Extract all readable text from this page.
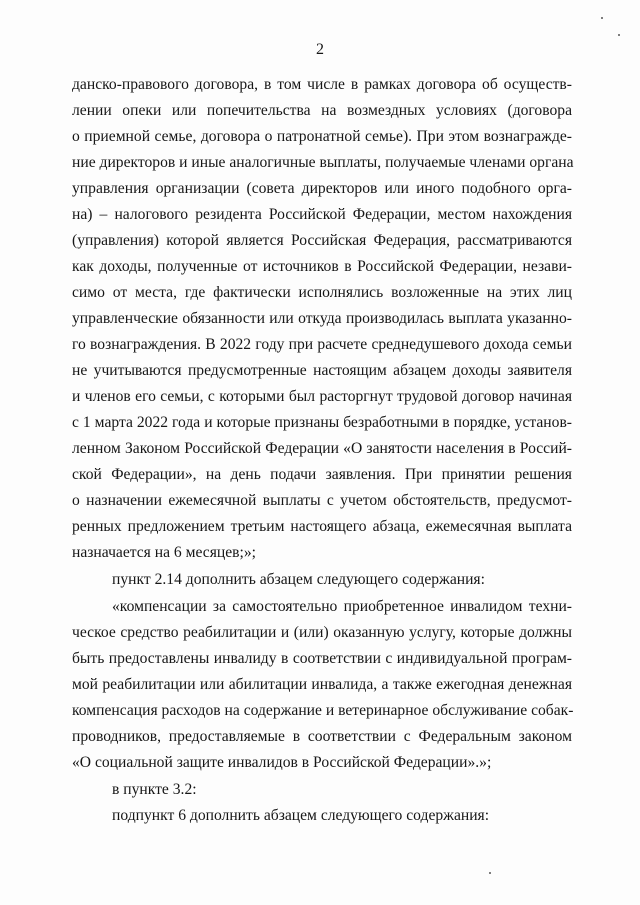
2
данско-правового договора, в том числе в рамках договора об осуществ-
лении опеки или попечительства на возмездных условиях (договора
о приемной семье, договора о патронатной семье). При этом вознагражде-
ние директоров и иные аналогичные выплаты, получаемые членами органа
управления организации (совета директоров или иного подобного орга-
на) – налогового резидента Российской Федерации, местом нахождения
(управления) которой является Российская Федерация, рассматриваются
как доходы, полученные от источников в Российской Федерации, незави-
симо от места, где фактически исполнялись возложенные на этих лиц
управленческие обязанности или откуда производилась выплата указанно-
го вознаграждения. В 2022 году при расчете среднедушевого дохода семьи
не учитываются предусмотренные настоящим абзацем доходы заявителя
и членов его семьи, с которыми был расторгнут трудовой договор начиная
с 1 марта 2022 года и которые признаны безработными в порядке, установ-
ленном Законом Российской Федерации «О занятости населения в Россий-
ской Федерации», на день подачи заявления. При принятии решения
о назначении ежемесячной выплаты с учетом обстоятельств, предусмот-
ренных предложением третьим настоящего абзаца, ежемесячная выплата
назначается на 6 месяцев;»;
пункт 2.14 дополнить абзацем следующего содержания:
«компенсации за самостоятельно приобретенное инвалидом техни-
ческое средство реабилитации и (или) оказанную услугу, которые должны
быть предоставлены инвалиду в соответствии с индивидуальной програм-
мой реабилитации или абилитации инвалида, а также ежегодная денежная
компенсация расходов на содержание и ветеринарное обслуживание собак-
проводников, предоставляемые в соответствии с Федеральным законом
«О социальной защите инвалидов в Российской Федерации».»;
в пункте 3.2:
подпункт 6 дополнить абзацем следующего содержания:
